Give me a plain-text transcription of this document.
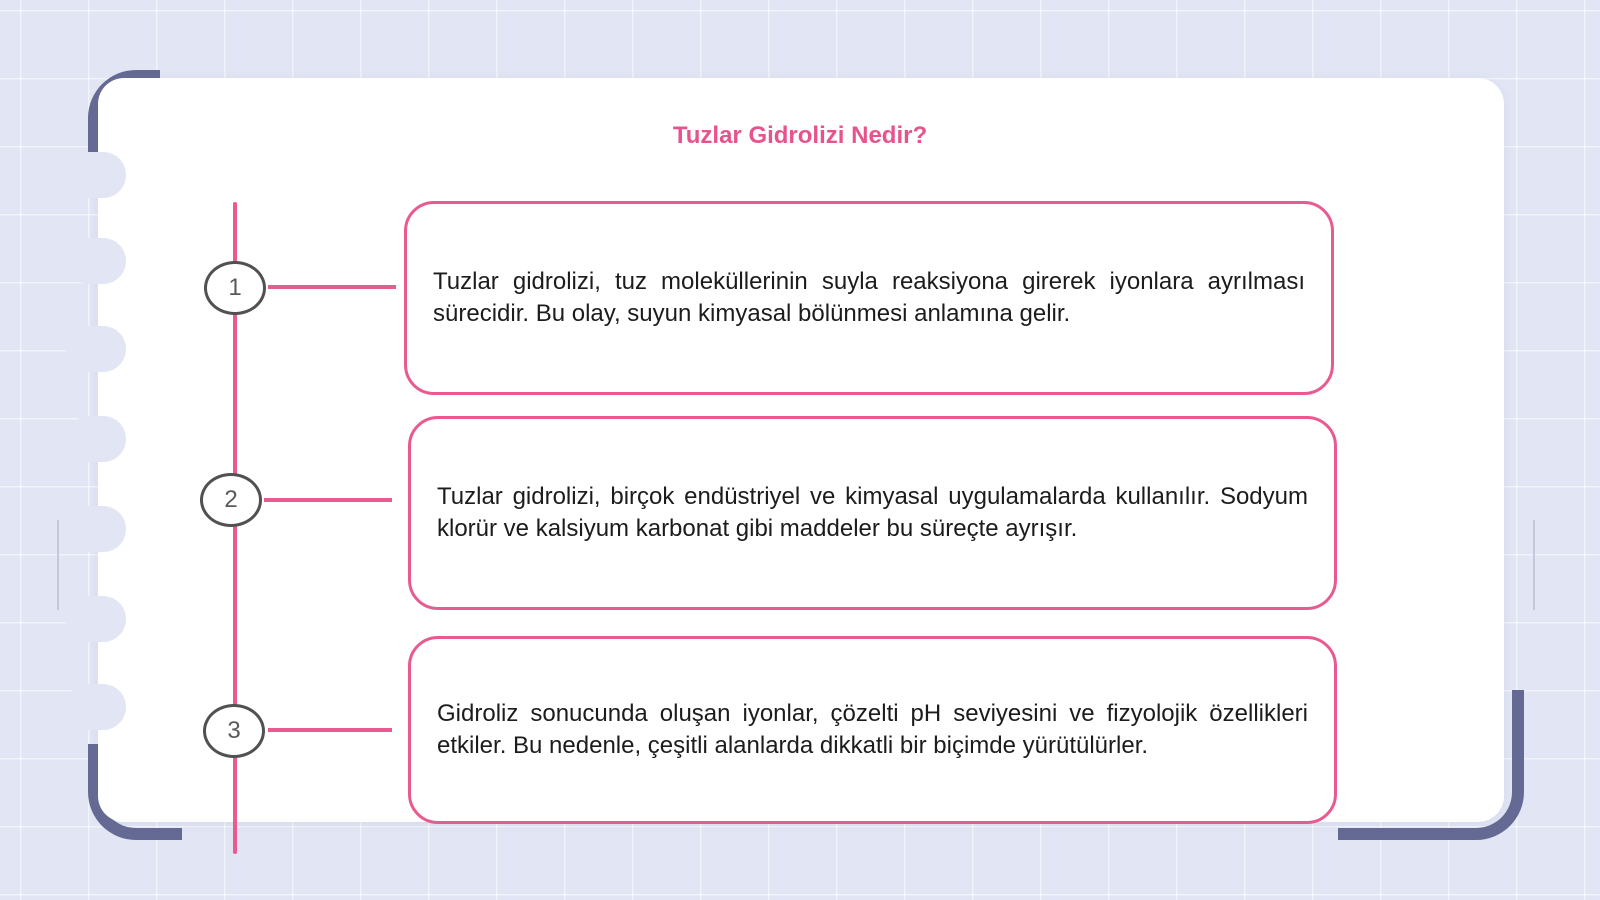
Tuzlar Gidrolizi Nedir?
1	Tuzlar gidrolizi, tuz moleküllerinin suyla reaksiyona girerek iyonlara ayrılması sürecidir. Bu olay, suyun kimyasal bölünmesi anlamına gelir.

2	Tuzlar gidrolizi, birçok endüstriyel ve kimyasal uygulamalarda kullanılır. Sodyum klorür ve kalsiyum karbonat gibi maddeler bu süreçte ayrışır.

3

Gidroliz sonucunda oluşan iyonlar, çözelti pH seviyesini ve fizyolojik özellikleri etkiler. Bu nedenle, çeşitli alanlarda dikkatli bir biçimde yürütülürler.
